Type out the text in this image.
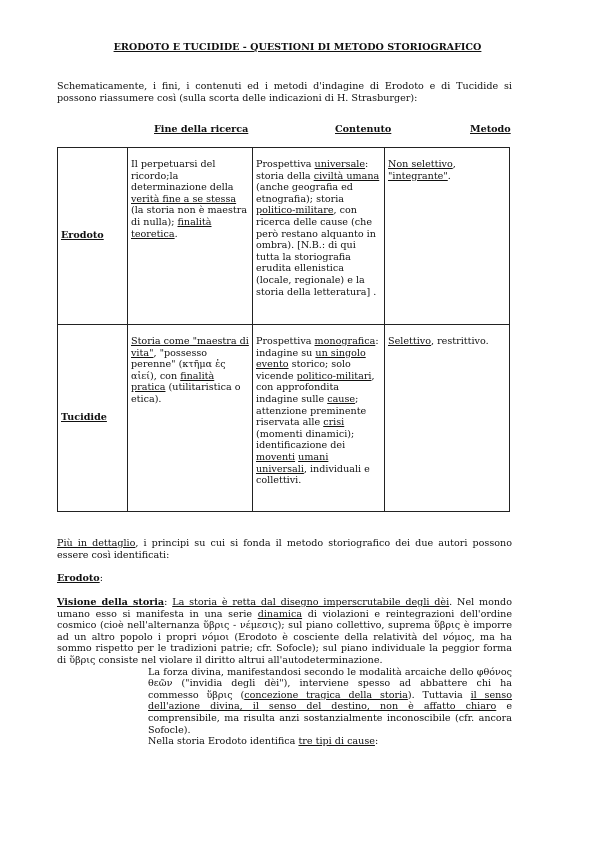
ERODOTO E TUCIDIDE - QUESTIONI DI METODO STORIOGRAFICO
Schematicamente, i fini, i contenuti ed i metodi d'indagine di Erodoto e di Tucidide si possono riassumere così (sulla scorta delle indicazioni di H. Strasburger):
Fine della ricerca	Contenuto	Metodo
Erodoto	Il perpetuarsi del ricordo;la determinazione della verità fine a se stessa (la storia non è maestra di nulla); finalità teoretica.	Prospettiva universale: storia della civiltà umana (anche geografia ed etnografia); storia politico-militare, con ricerca delle cause (che però restano alquanto in ombra). [N.B.: di qui tutta la storiografia erudita ellenistica (locale, regionale) e la storia della letteratura] .	Non selettivo, "integrante".
Tucidide	Storia come "maestra di vita", "possesso perenne" (κτῆμα ἐς αἰεί), con finalità pratica (utilitaristica o etica).	Prospettiva monografica: indagine su un singolo evento storico; solo vicende politico-militari, con approfondita indagine sulle cause; attenzione preminente riservata alle crisi (momenti dinamici); identificazione dei moventi umani universali, individuali e collettivi.	Selettivo, restrittivo.
Più in dettaglio, i principi su cui si fonda il metodo storiografico dei due autori possono essere così identificati:
Erodoto:
Visione della storia: La storia è retta dal disegno imperscrutabile degli dèi. Nel mondo umano esso si manifesta in una serie dinamica di violazioni e reintegrazioni dell'ordine cosmico (cioè nell'alternanza ὕβρις - νέμεσις); sul piano collettivo, suprema ὕβρις è imporre ad un altro popolo i propri νόμοι (Erodoto è cosciente della relatività del νόμος, ma ha sommo rispetto per le tradizioni patrie; cfr. Sofocle); sul piano individuale la peggior forma di ὕβρις consiste nel violare il diritto altrui all'autodeterminazione.
La forza divina, manifestandosi secondo le modalità arcaiche dello φθόνος θεῶν ("invidia degli dèi"), interviene spesso ad abbattere chi ha commesso ὕβρις (concezione tragica della storia). Tuttavia il senso dell'azione divina, il senso del destino, non è affatto chiaro e comprensibile, ma risulta anzi sostanzialmente inconoscibile (cfr. ancora Sofocle).
Nella storia Erodoto identifica tre tipi di cause:
